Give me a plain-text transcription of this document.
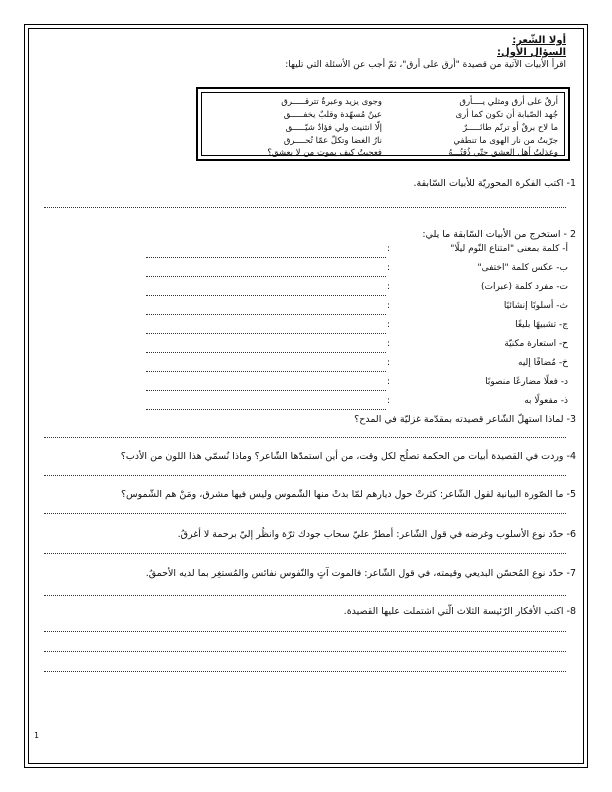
أولا الشّعر:
السؤال الأول:
اقرأ الأبيات الآتية من قصيدة "أرق على أرق"، ثمّ أجب عن الأسئلة التي تليها:
أرقٌ على أرق ومثلي يــــأرق
وجوى يزيد وعبرةٌ تترقـــــرق
جُهد الصّبابة أن تكون كما أرى
عينٌ مُسهّدة وقلبٌ يخفـــــق
ما لاح برقٌ أو ترنّم طائـــــرٌ
إلّا انثنيت ولي فؤادٌ شيّـــــق
جرّبتُ من نار الهوى ما تنطفي
نارُ الغضا وتكلّ عمّا تُحــــرق
وعذلتُ أهل العشق حتّى ذُقتُـــهُ
فعجبتُ كيف يموت من لا يعشق؟
1- اكتب الفكرة المحوريّة للأبيات السّابقة.
2 - استخرج من الأبيات السّابقة ما يلي:
أ- كلمة بمعنى "امتناع النّوم ليلًا"
:
ب- عكس كلمة "اختفى"
:
ت- مفرد كلمة (عبرات)
:
ث- أسلوبًا إنشائيًا
:
ج- تشبيهًا بليغًا
:
ح- استعارة مكنيّة
:
خ- مُضافًا إليه
:
د- فعلًا مضارعًا منصوبًا
:
ذ- مفعولًا به
:
3- لماذا استهلّ الشّاعر قصيدته بمقدّمة غزليّة في المدح؟
4- وردت في القصيدة أبيات من الحكمة تصلُح لكل وقت، من أين استمدّها الشّاعر؟ وماذا نُسمّي هذا اللون من الأدب؟
5- ما الصّورة البيانية لقول الشّاعر: كثرتْ حول ديارهم لمّا بدتْ منها الشّموس وليس فيها مشرق، ومَنْ هم الشّموس؟
6- حدّد نوع الأسلوب وغرضه في قول الشّاعر: أمطرْ عليّ سحاب جودك ثرّة وانظُر إليّ برحمة لا أغرقُ.
7- حدّد نوع المُحسّن البديعي وقيمته، في قول الشّاعر: فالموت آتٍ والنّفوس نفائس والمُستغِر بما لديه الأحمقُ.
8- اكتب الأفكار الرّئيسة الثلاث الّتي اشتملت عليها القصيدة.
1
